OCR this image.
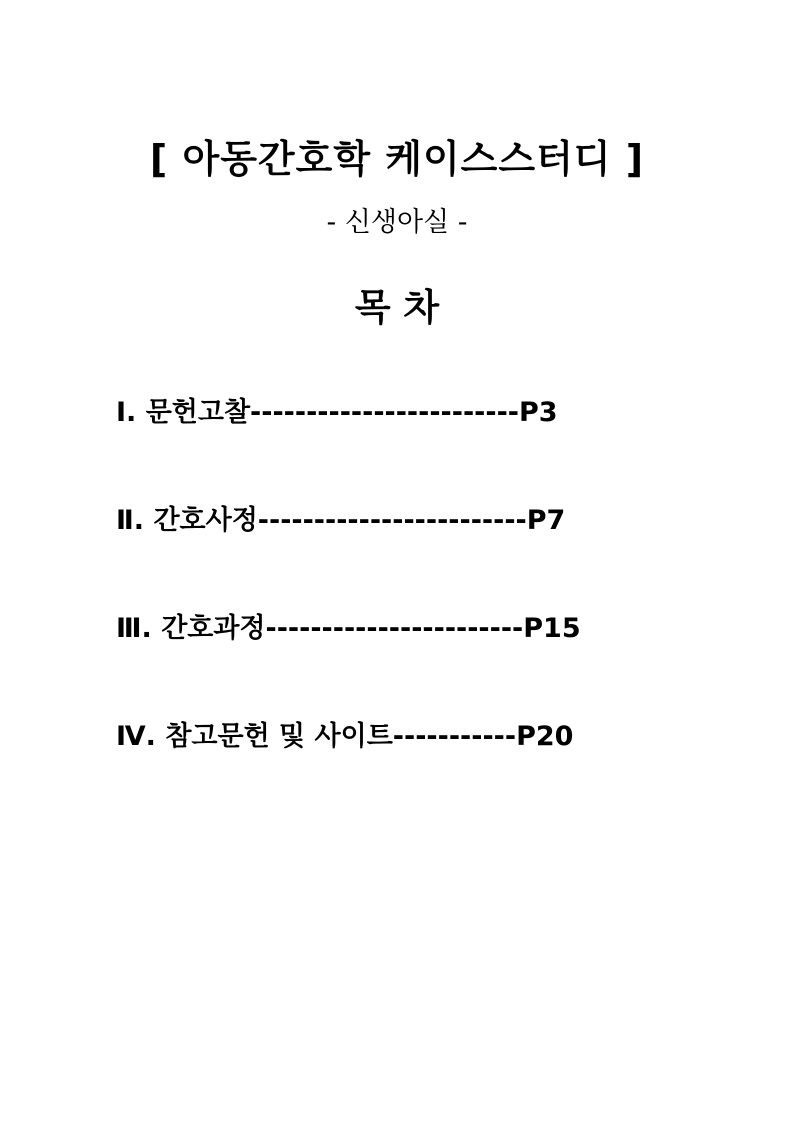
[ 아동간호학 케이스스터디 ]
- 신생아실 -
목 차
Ⅰ. 문헌고찰------------------------P3
Ⅱ. 간호사정------------------------P7
Ⅲ. 간호과정-----------------------P15
Ⅳ. 참고문헌 및 사이트-----------P20
